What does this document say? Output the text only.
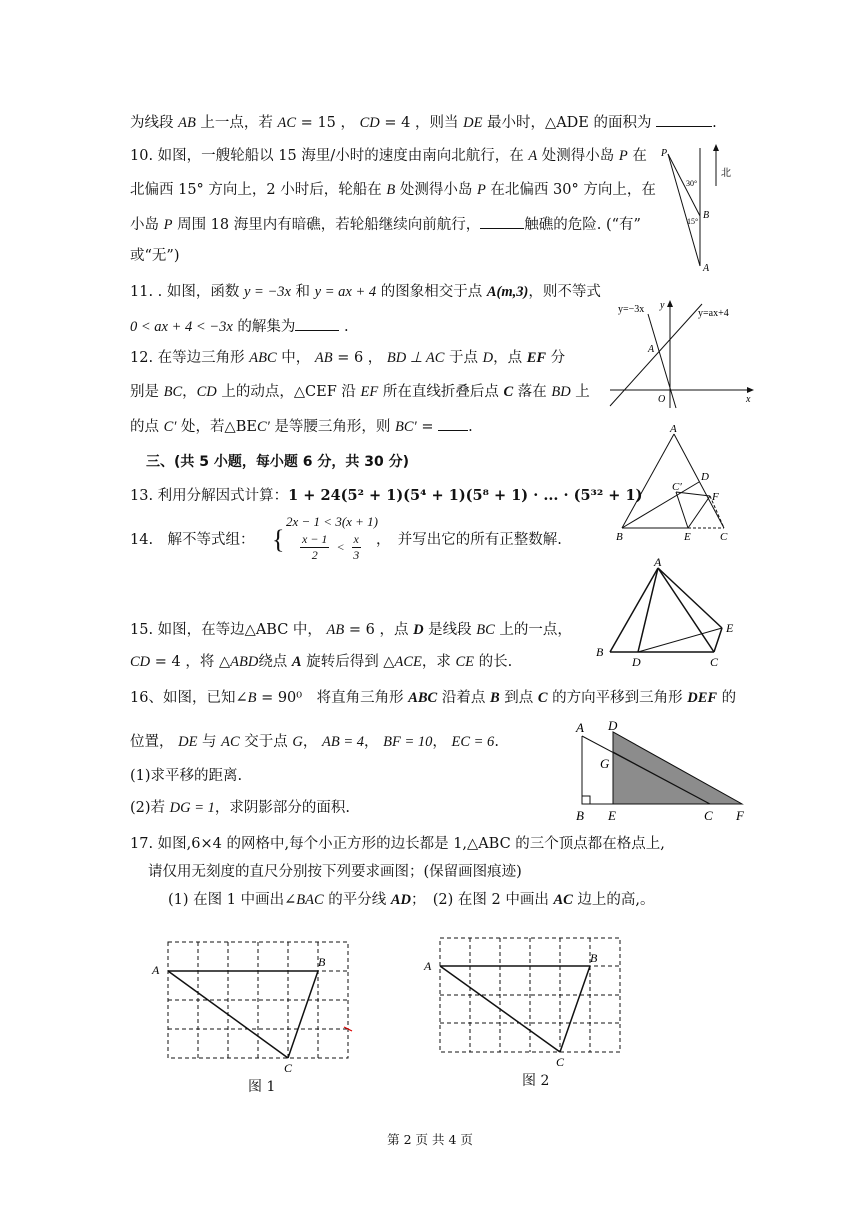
为线段 AB 上一点，若 AC = 15 ， CD = 4 ，则当 DE 最小时，△ADE 的面积为	.
10. 如图，一艘轮船以 15 海里/小时的速度由南向北航行，在 A 处测得小岛 P 在
北偏西 15° 方向上，2 小时后，轮船在 B 处测得小岛 P 在北偏西 30° 方向上，在
小岛 P 周围 18 海里内有暗礁，若轮船继续向前航行，	触礁的危险. (“有”
或“无”)
P
B
A
北
30°
15°
11. . 如图，函数 y = −3x 和 y = ax + 4 的图象相交于点 A(m,3)，则不等式
0 < ax + 4 < −3x 的解集为	.
y=−3x y
y=ax+4
A
O	x
12. 在等边三角形 ABC 中， AB = 6 ， BD ⊥ AC 于点 D，点 EF 分
别是 BC，CD 上的动点，△CEF 沿 EF 所在直线折叠后点 C 落在 BD 上
的点 C′ 处，若△BEC′ 是等腰三角形，则 BC′ = .	A
D
C′
F
B	E	C
三、(共 5 小题，每小题 6 分，共 30 分)
13. 利用分解因式计算：1 + 24(5² + 1)(5⁴ + 1)(5⁸ + 1) · ... · (5³² + 1)
14.　解不等式组： {
2x − 1 < 3(x + 1)
$\frac{x - 1}{2} < \frac{x}{3}$ ，　并写出它的所有正整数解.
A
E
B
D	C
15. 如图，在等边△ABC 中， AB = 6 ，点 D 是线段 BC 上的一点，
CD = 4 ，将 △ABD绕点 A 旋转后得到 △ACE，求 CE 的长.
16、如图，已知∠B = 90⁰　将直角三角形 ABC 沿着点 B 到点 C 的方向平移到三角形 DEF 的
位置， DE 与 AC 交于点 G， AB = 4， BF = 10， EC = 6.
(1)求平移的距离.
(2)若 DG = 1，求阴影部分的面积.
A D
G
B E	C F
17. 如图,6×4 的网格中,每个小正方形的边长都是 1,△ABC 的三个顶点都在格点上,
请仅用无刻度的直尺分别按下列要求画图；(保留画图痕迹)
(1) 在图 1 中画出∠BAC 的平分线 AD；　(2) 在图 2 中画出 AC 边上的高,。
A
B
C
图 1
A
B
C
图 2
第 2 页 共 4 页
